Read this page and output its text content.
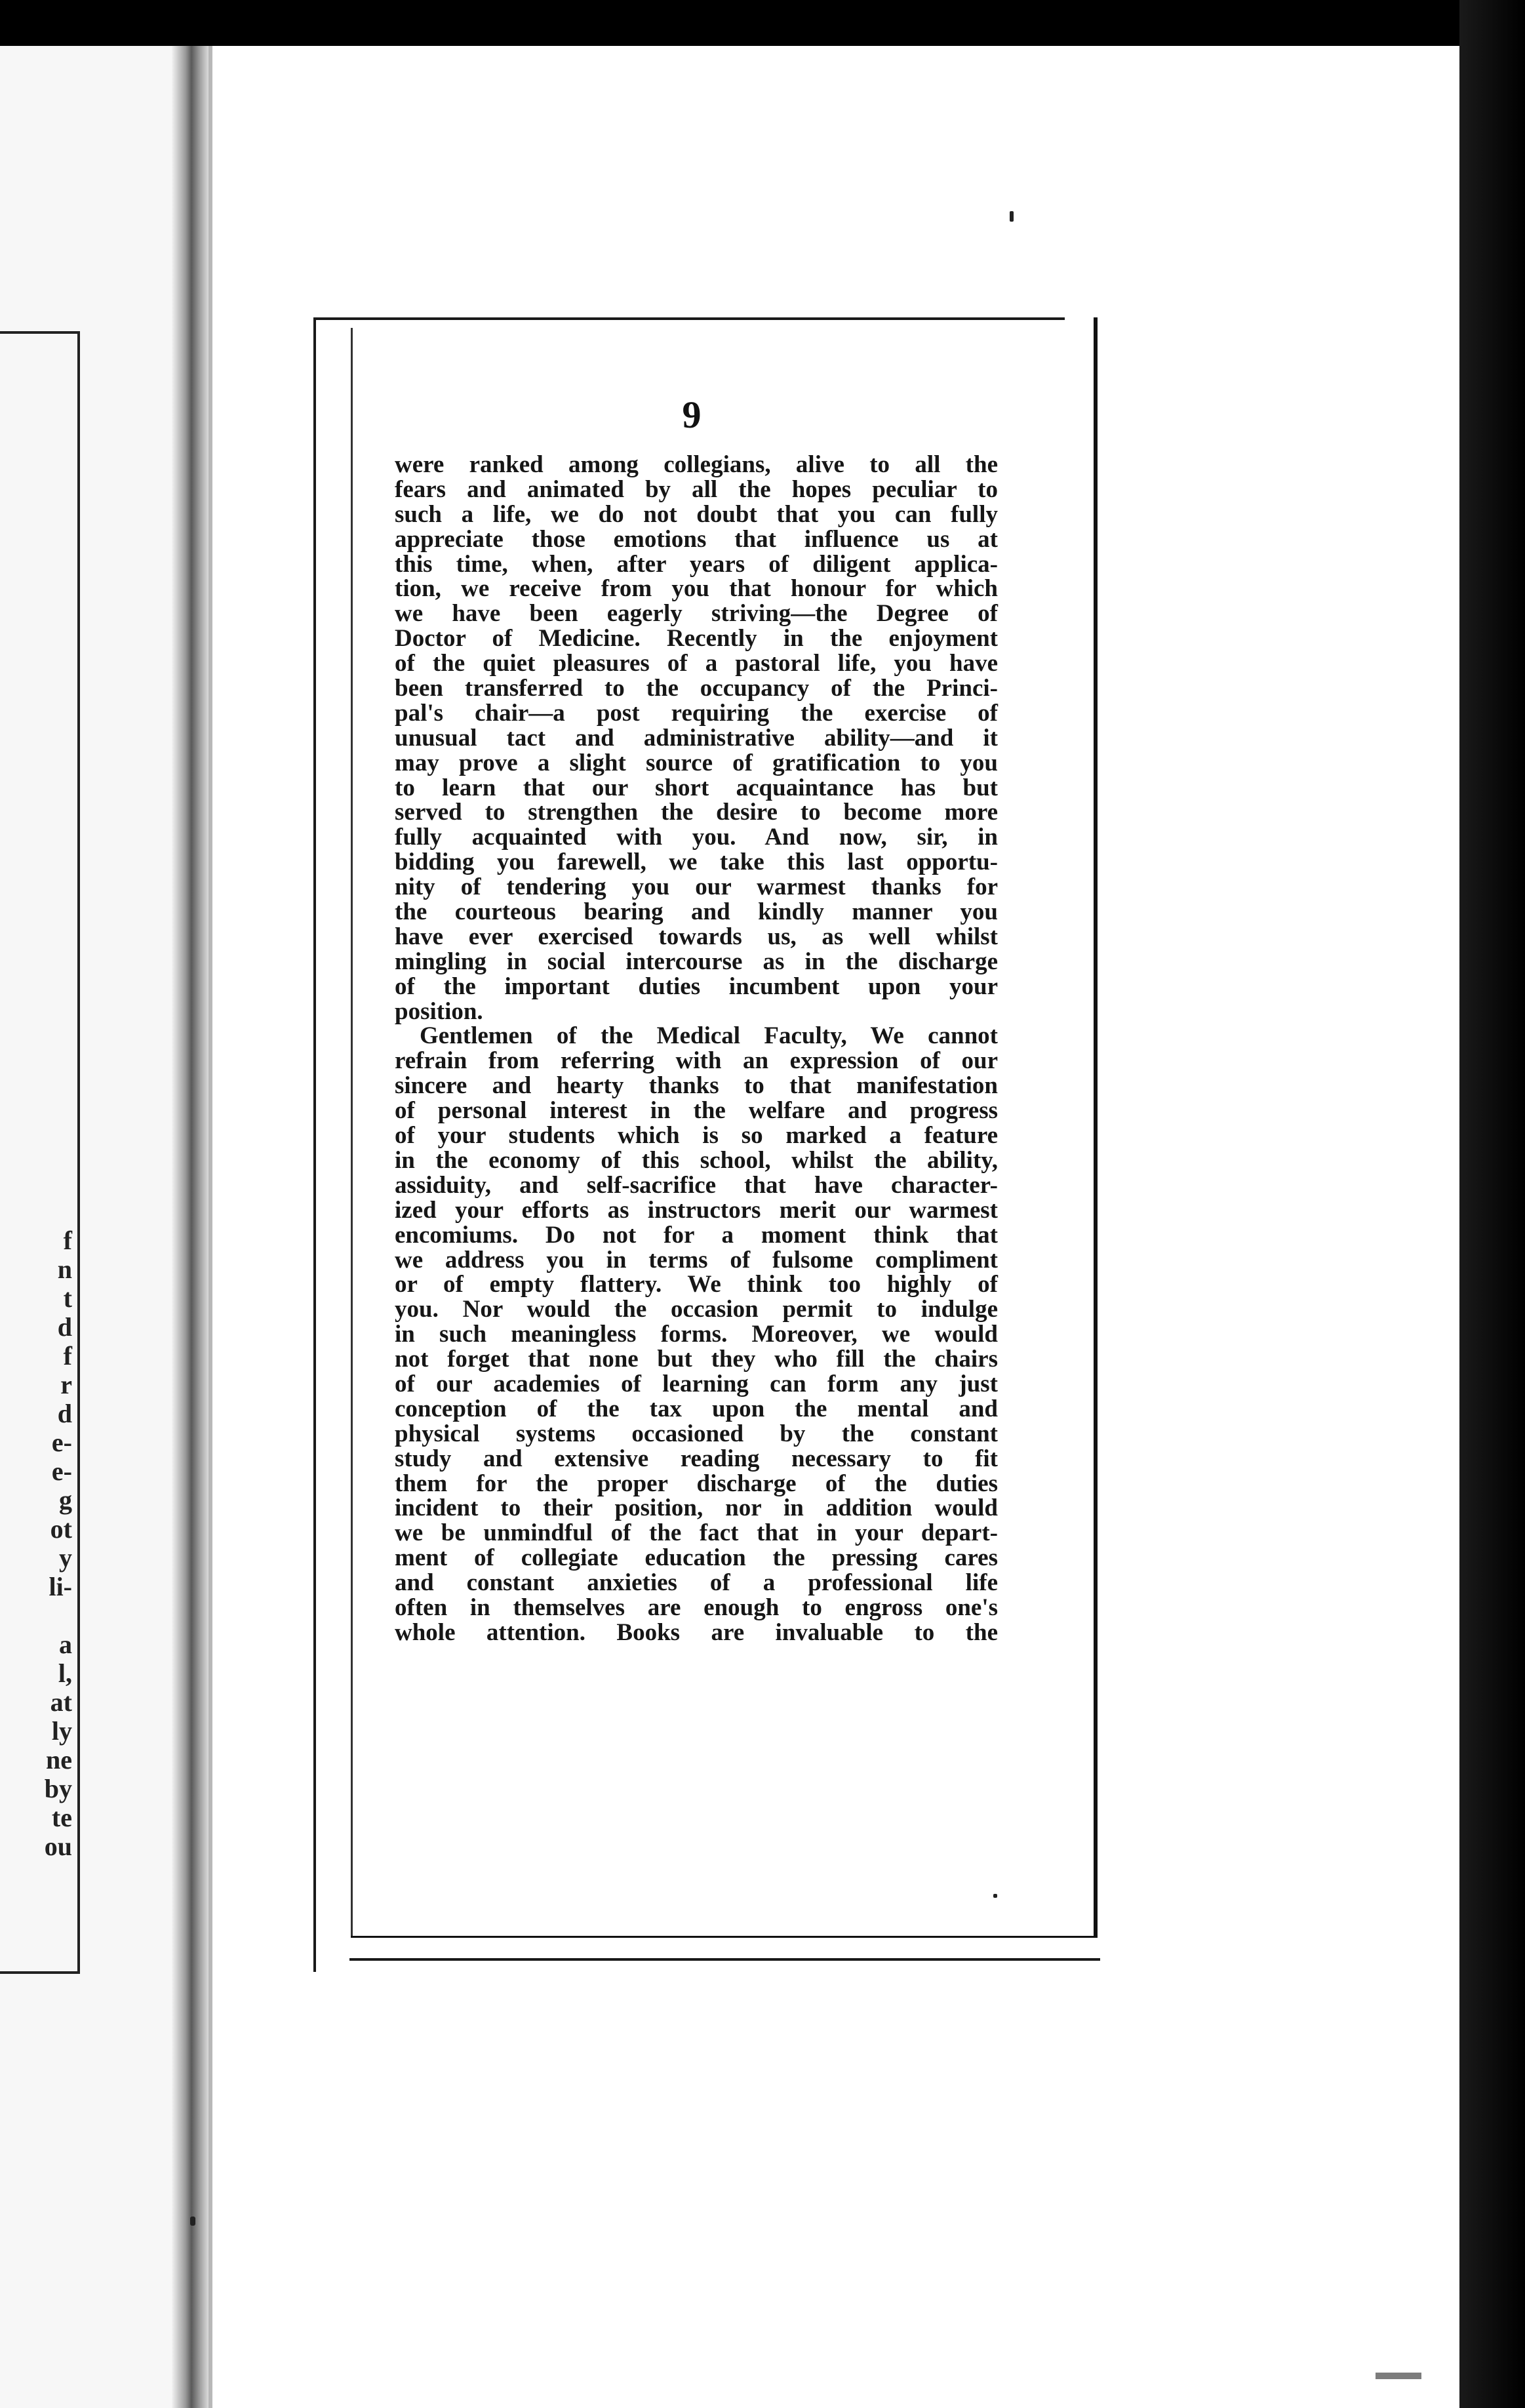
f
n
t
d
f
r
d
e-
e-
g
ot
y
li-
a
l,
at
ly
ne
by
te
ou
9
were ranked among collegians, alive to all the
fears and animated by all the hopes peculiar to
such a life, we do not doubt that you can fully
appreciate those emotions that influence us at
this time, when, after years of diligent applica-
tion, we receive from you that honour for which
we have been eagerly striving—the Degree of
Doctor of Medicine. Recently in the enjoyment
of the quiet pleasures of a pastoral life, you have
been transferred to the occupancy of the Princi-
pal's chair—a post requiring the exercise of
unusual tact and administrative ability—and it
may prove a slight source of gratification to you
to learn that our short acquaintance has but
served to strengthen the desire to become more
fully acquainted with you. And now, sir, in
bidding you farewell, we take this last opportu-
nity of tendering you our warmest thanks for
the courteous bearing and kindly manner you
have ever exercised towards us, as well whilst
mingling in social intercourse as in the discharge
of the important duties incumbent upon your
position.
Gentlemen of the Medical Faculty, We cannot
refrain from referring with an expression of our
sincere and hearty thanks to that manifestation
of personal interest in the welfare and progress
of your students which is so marked a feature
in the economy of this school, whilst the ability,
assiduity, and self-sacrifice that have character-
ized your efforts as instructors merit our warmest
encomiums. Do not for a moment think that
we address you in terms of fulsome compliment
or of empty flattery. We think too highly of
you. Nor would the occasion permit to indulge
in such meaningless forms. Moreover, we would
not forget that none but they who fill the chairs
of our academies of learning can form any just
conception of the tax upon the mental and
physical systems occasioned by the constant
study and extensive reading necessary to fit
them for the proper discharge of the duties
incident to their position, nor in addition would
we be unmindful of the fact that in your depart-
ment of collegiate education the pressing cares
and constant anxieties of a professional life
often in themselves are enough to engross one's
whole attention. Books are invaluable to the
